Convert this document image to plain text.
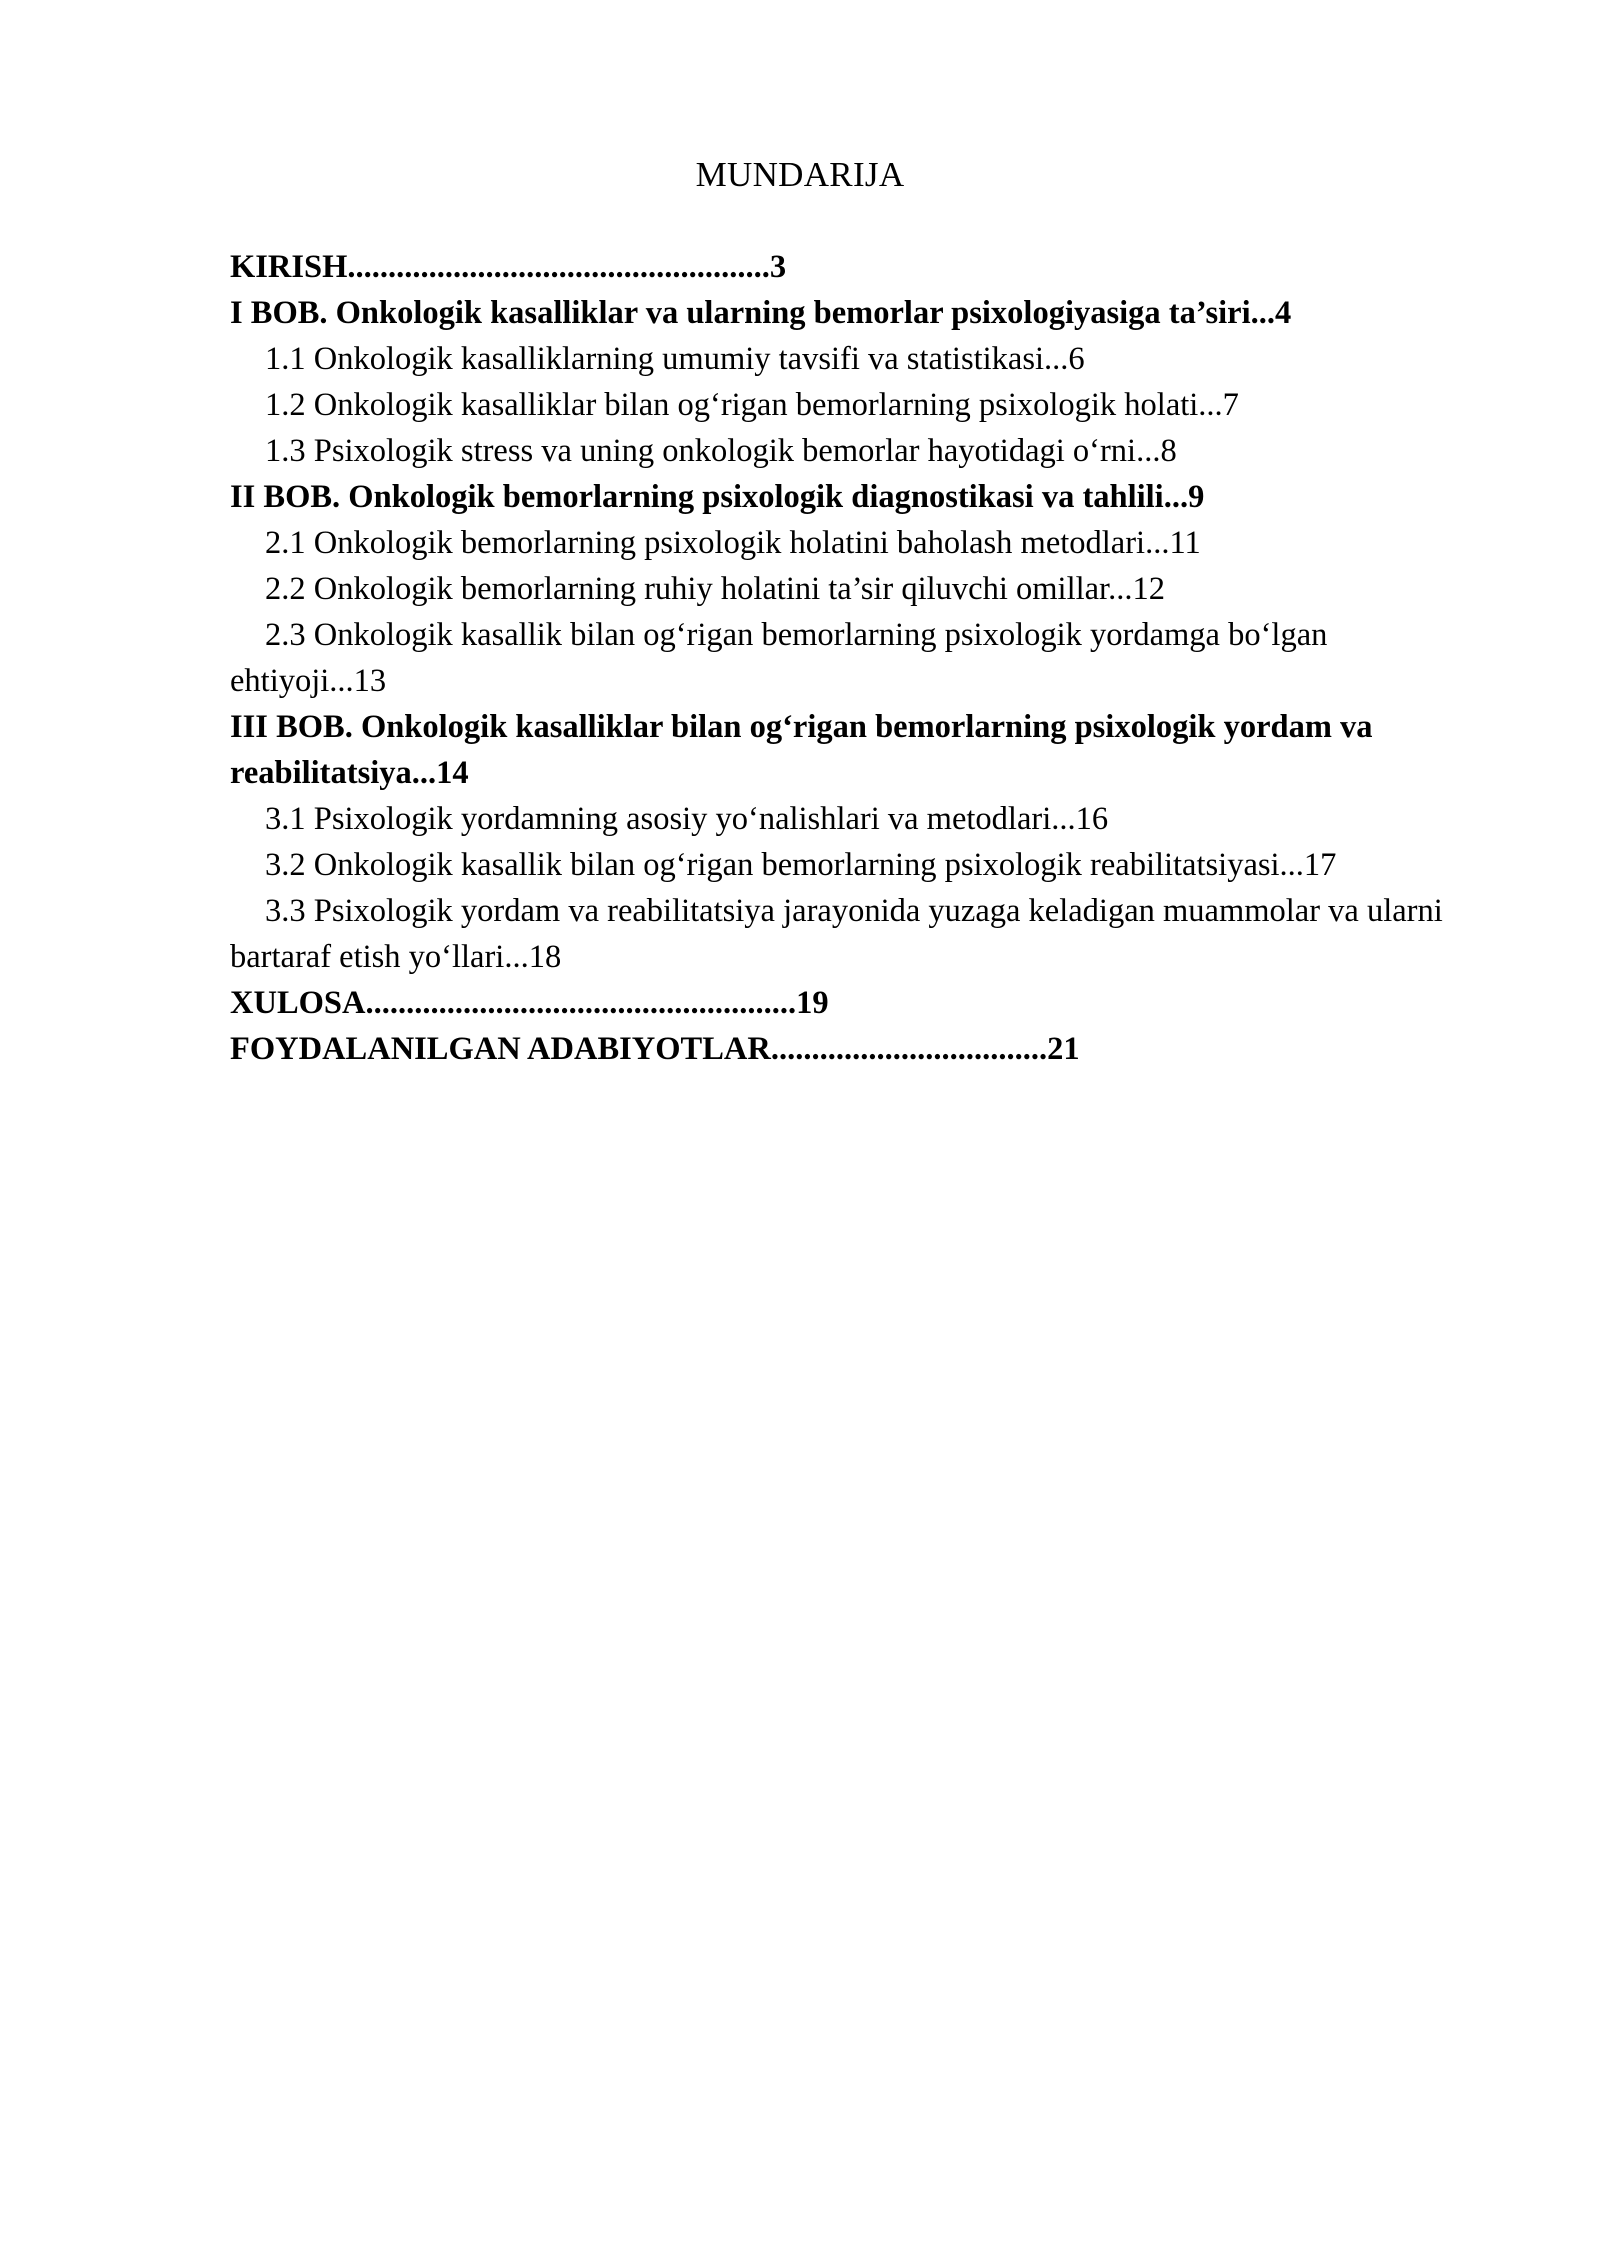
MUNDARIJA

KIRISH....................................................3

I BOB. Onkologik kasalliklar va ularning bemorlar psixologiyasiga ta’siri...4

1.1 Onkologik kasalliklarning umumiy tavsifi va statistikasi...6

1.2 Onkologik kasalliklar bilan og‘rigan bemorlarning psixologik holati...7

1.3 Psixologik stress va uning onkologik bemorlar hayotidagi o‘rni...8

II BOB. Onkologik bemorlarning psixologik diagnostikasi va tahlili...9

2.1 Onkologik bemorlarning psixologik holatini baholash metodlari...11

2.2 Onkologik bemorlarning ruhiy holatini ta’sir qiluvchi omillar...12

2.3 Onkologik kasallik bilan og‘rigan bemorlarning psixologik yordamga bo‘lgan ehtiyoji...13

III BOB. Onkologik kasalliklar bilan og‘rigan bemorlarning psixologik yordam va reabilitatsiya...14

3.1 Psixologik yordamning asosiy yo‘nalishlari va metodlari...16

3.2 Onkologik kasallik bilan og‘rigan bemorlarning psixologik reabilitatsiyasi...17

3.3 Psixologik yordam va reabilitatsiya jarayonida yuzaga keladigan muammolar va ularni bartaraf etish yo‘llari...18

XULOSA.....................................................19

FOYDALANILGAN ADABIYOTLAR..................................21
